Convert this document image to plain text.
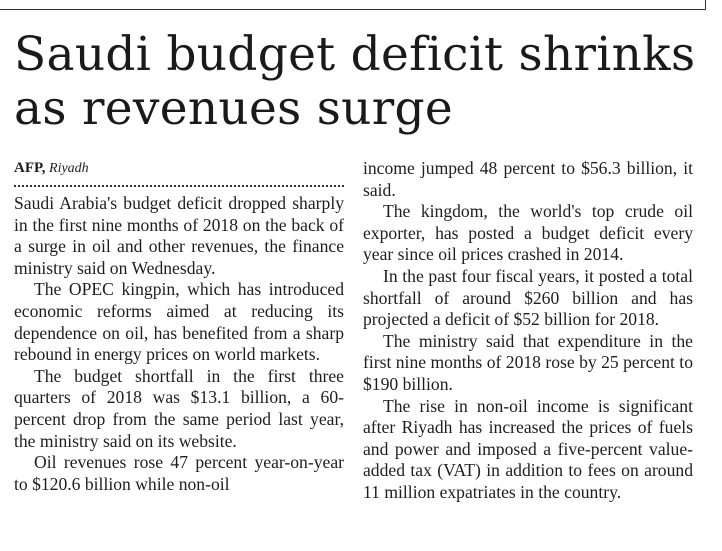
Saudi budget deficit shrinks as revenues surge
AFP, Riyadh

Saudi Arabia's budget deficit dropped sharply in the first nine months of 2018 on the back of a surge in oil and other revenues, the finance ministry said on Wednesday.

The OPEC kingpin, which has introduced economic reforms aimed at reducing its dependence on oil, has benefited from a sharp rebound in energy prices on world markets.

The budget shortfall in the first three quarters of 2018 was $13.1 billion, a 60-percent drop from the same period last year, the ministry said on its website.

Oil revenues rose 47 percent year-on-year to $120.6 billion while non-oil

income jumped 48 percent to $56.3 billion, it said.

The kingdom, the world's top crude oil exporter, has posted a budget deficit every year since oil prices crashed in 2014.

In the past four fiscal years, it posted a total shortfall of around $260 billion and has projected a deficit of $52 billion for 2018.

The ministry said that expenditure in the first nine months of 2018 rose by 25 percent to $190 billion.

The rise in non-oil income is significant after Riyadh has increased the prices of fuels and power and imposed a five-percent value-added tax (VAT) in addition to fees on around 11 million expatriates in the country.
